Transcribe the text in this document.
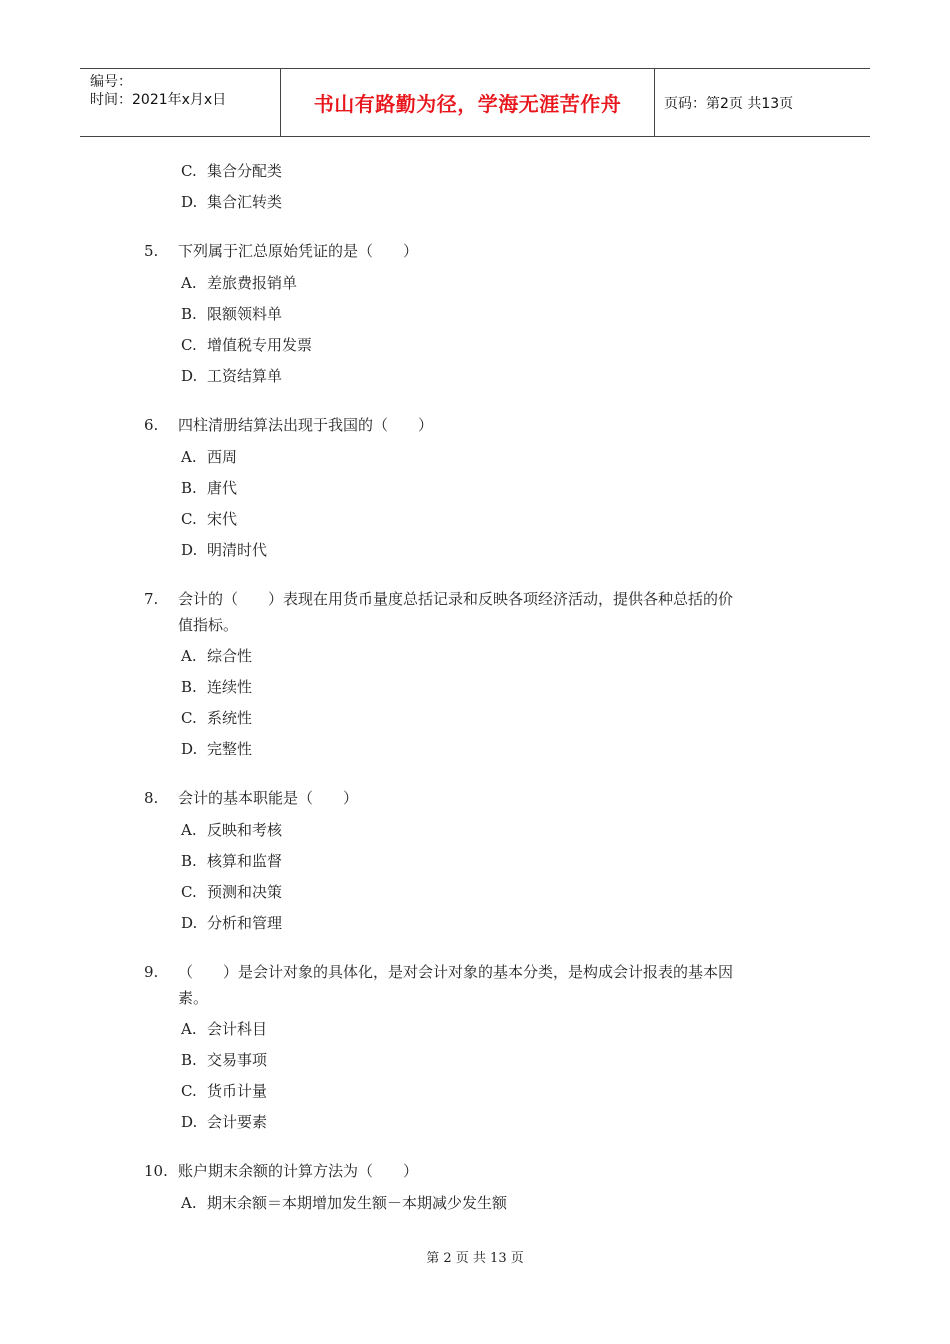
编号：
时间：2021年x月x日	书山有路勤为径，学海无涯苦作舟	页码：第2页 共13页
C. 集合分配类
D. 集合汇转类
5. 下列属于汇总原始凭证的是（　　）
A. 差旅费报销单
B. 限额领料单
C. 增值税专用发票
D. 工资结算单
6. 四柱清册结算法出现于我国的（　　）
A. 西周
B. 唐代
C. 宋代
D. 明清时代
7. 会计的（　　）表现在用货币量度总括记录和反映各项经济活动，提供各种总括的价
值指标。
A. 综合性
B. 连续性
C. 系统性
D. 完整性
8. 会计的基本职能是（　　）
A. 反映和考核
B. 核算和监督
C. 预测和决策
D. 分析和管理
9. （　　）是会计对象的具体化，是对会计对象的基本分类，是构成会计报表的基本因
素。
A. 会计科目
B. 交易事项
C. 货币计量
D. 会计要素
10. 账户期末余额的计算方法为（　　）
A. 期末余额＝本期增加发生额－本期减少发生额
第 2 页 共 13 页
